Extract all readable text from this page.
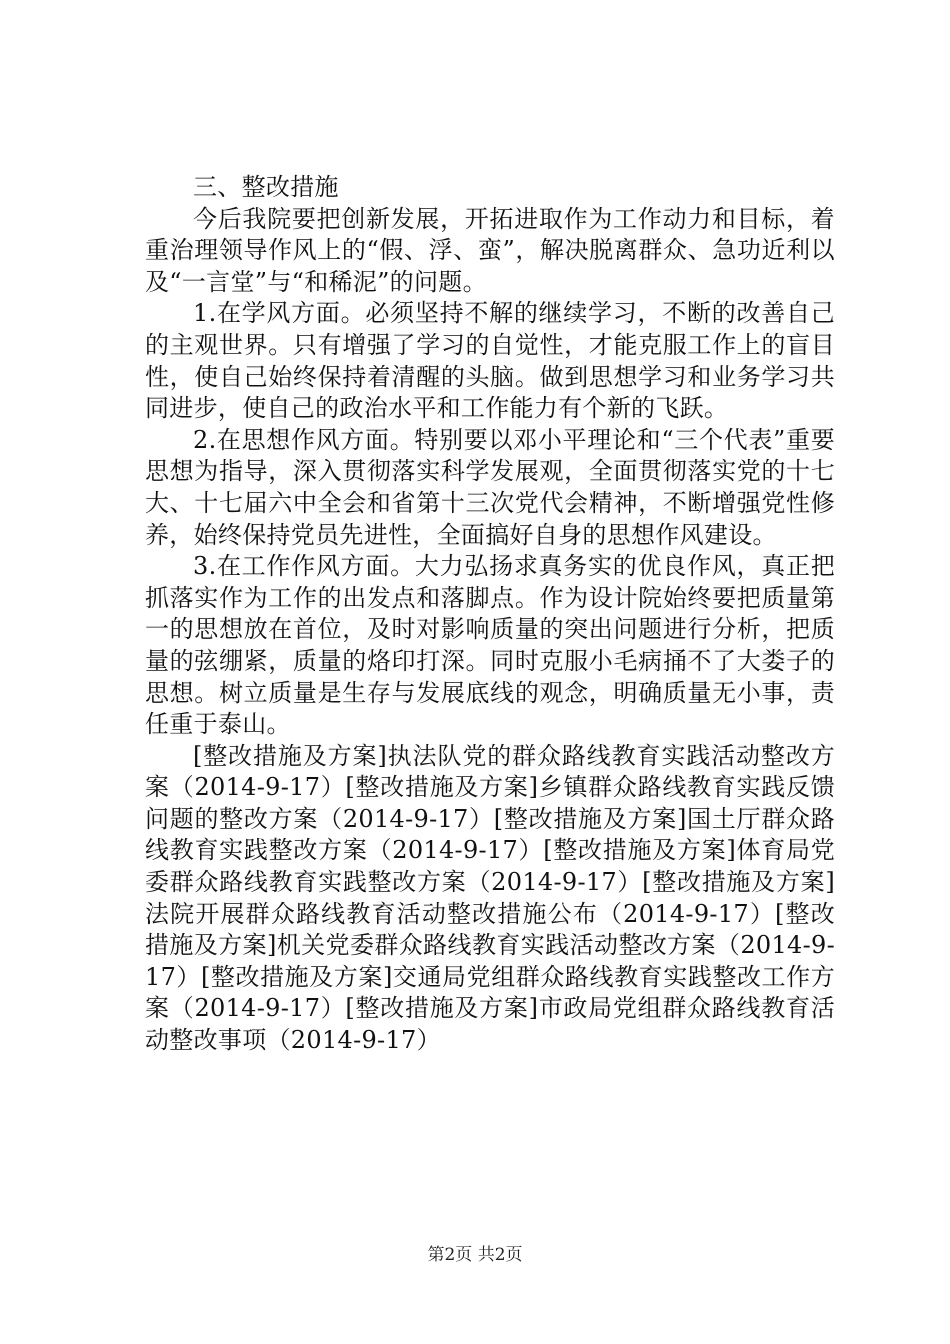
三、整改措施

今后我院要把创新发展，开拓进取作为工作动力和目标，着重治理领导作风上的“假、浮、蛮”，解决脱离群众、急功近利以及“一言堂”与“和稀泥”的问题。

1.在学风方面。必须坚持不解的继续学习，不断的改善自己的主观世界。只有增强了学习的自觉性，才能克服工作上的盲目性，使自己始终保持着清醒的头脑。做到思想学习和业务学习共同进步，使自己的政治水平和工作能力有个新的飞跃。

2.在思想作风方面。特别要以邓小平理论和“三个代表”重要思想为指导，深入贯彻落实科学发展观，全面贯彻落实党的十七大、十七届六中全会和省第十三次党代会精神，不断增强党性修养，始终保持党员先进性，全面搞好自身的思想作风建设。

3.在工作作风方面。大力弘扬求真务实的优良作风，真正把抓落实作为工作的出发点和落脚点。作为设计院始终要把质量第一的思想放在首位，及时对影响质量的突出问题进行分析，把质量的弦绷紧，质量的烙印打深。同时克服小毛病捅不了大娄子的思想。树立质量是生存与发展底线的观念，明确质量无小事，责任重于泰山。

[整改措施及方案]执法队党的群众路线教育实践活动整改方案（2014-9-17）[整改措施及方案]乡镇群众路线教育实践反馈问题的整改方案（2014-9-17）[整改措施及方案]国土厅群众路线教育实践整改方案（2014-9-17）[整改措施及方案]体育局党委群众路线教育实践整改方案（2014-9-17）[整改措施及方案]法院开展群众路线教育活动整改措施公布（2014-9-17）[整改措施及方案]机关党委群众路线教育实践活动整改方案（2014-9-17）[整改措施及方案]交通局党组群众路线教育实践整改工作方案（2014-9-17）[整改措施及方案]市政局党组群众路线教育活动整改事项（2014-9-17）

第2页 共2页
